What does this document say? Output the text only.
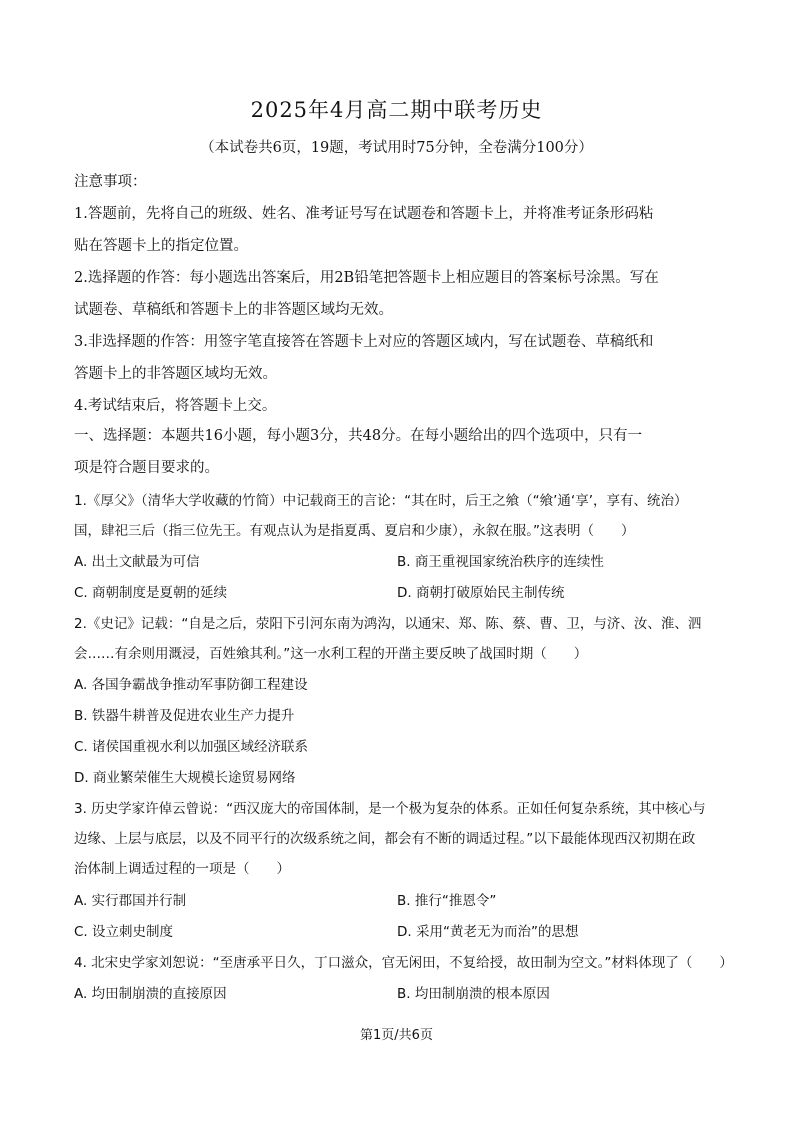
2025年4月高二期中联考历史
（本试卷共6页，19题，考试用时75分钟，全卷满分100分）
注意事项：
1.答题前，先将自己的班级、姓名、准考证号写在试题卷和答题卡上，并将准考证条形码粘
贴在答题卡上的指定位置。
2.选择题的作答：每小题选出答案后，用2B铅笔把答题卡上相应题目的答案标号涂黑。写在
试题卷、草稿纸和答题卡上的非答题区域均无效。
3.非选择题的作答：用签字笔直接答在答题卡上对应的答题区域内，写在试题卷、草稿纸和
答题卡上的非答题区域均无效。
4.考试结束后，将答题卡上交。
一、选择题：本题共16小题，每小题3分，共48分。在每小题给出的四个选项中，只有一
项是符合题目要求的。
1.《厚父》（清华大学收藏的竹简）中记载商王的言论：“其在时，后王之飨（“飨’通‘享’，享有、统治）
国，肆祀三后（指三位先王。有观点认为是指夏禹、夏启和少康），永叙在服。”这表明（　　）
A. 出土文献最为可信	B. 商王重视国家统治秩序的连续性
C. 商朝制度是夏朝的延续	D. 商朝打破原始民主制传统
2.《史记》记载：“自是之后，荥阳下引河东南为鸿沟，以通宋、郑、陈、蔡、曹、卫，与济、汝、淮、泗
会……有余则用溉浸，百姓飨其利。”这一水利工程的开凿主要反映了战国时期（　　）
A. 各国争霸战争推动军事防御工程建设
B. 铁器牛耕普及促进农业生产力提升
C. 诸侯国重视水利以加强区域经济联系
D. 商业繁荣催生大规模长途贸易网络
3. 历史学家许倬云曾说：“西汉庞大的帝国体制，是一个极为复杂的体系。正如任何复杂系统，其中核心与
边缘、上层与底层，以及不同平行的次级系统之间，都会有不断的调适过程。”以下最能体现西汉初期在政
治体制上调适过程的一项是（　　）
A. 实行郡国并行制	B. 推行“推恩令”
C. 设立刺史制度	D. 采用“黄老无为而治”的思想
4. 北宋史学家刘恕说：“至唐承平日久，丁口滋众，官无闲田，不复给授，故田制为空文。”材料体现了（　　）
A. 均田制崩溃的直接原因	B. 均田制崩溃的根本原因
第1页/共6页
